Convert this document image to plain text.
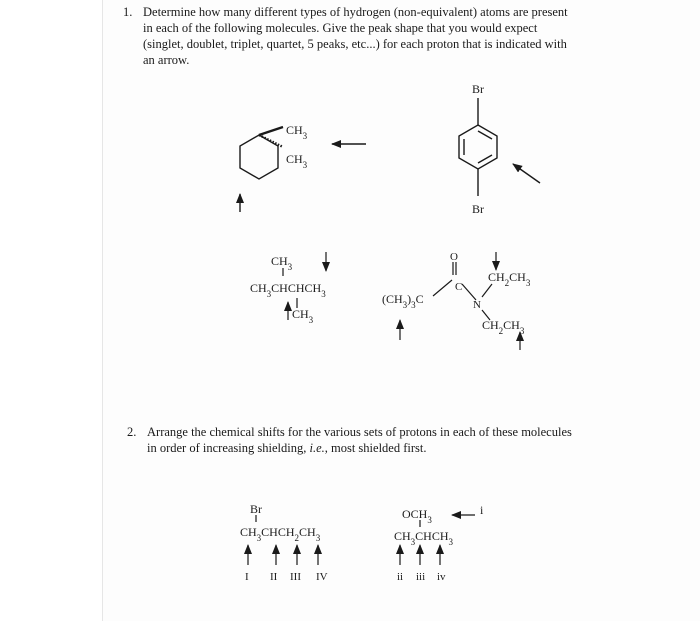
1. Determine how many different types of hydrogen (non-equivalent) atoms are present
in each of the following molecules. Give the peak shape that you would expect
(singlet, doublet, triplet, quartet, 5 peaks, etc...) for each proton that is indicated with
an arrow.
2. Arrange the chemical shifts for the various sets of protons in each of these molecules
in order of increasing shielding, i.e., most shielded first.
$CH_3$
$CH_3$
Br
Br
$CH_3$
$CH_3CHCHCH_3$
$CH_3$
O
C
N
$(CH_3)_3C$
$CH_2CH_3$
$CH_2CH_3$
Br
$CH_3CHCH_2CH_3$
I II III IV
$OCH_3$
i
$CH_3CHCH_3$
ii iii iv
